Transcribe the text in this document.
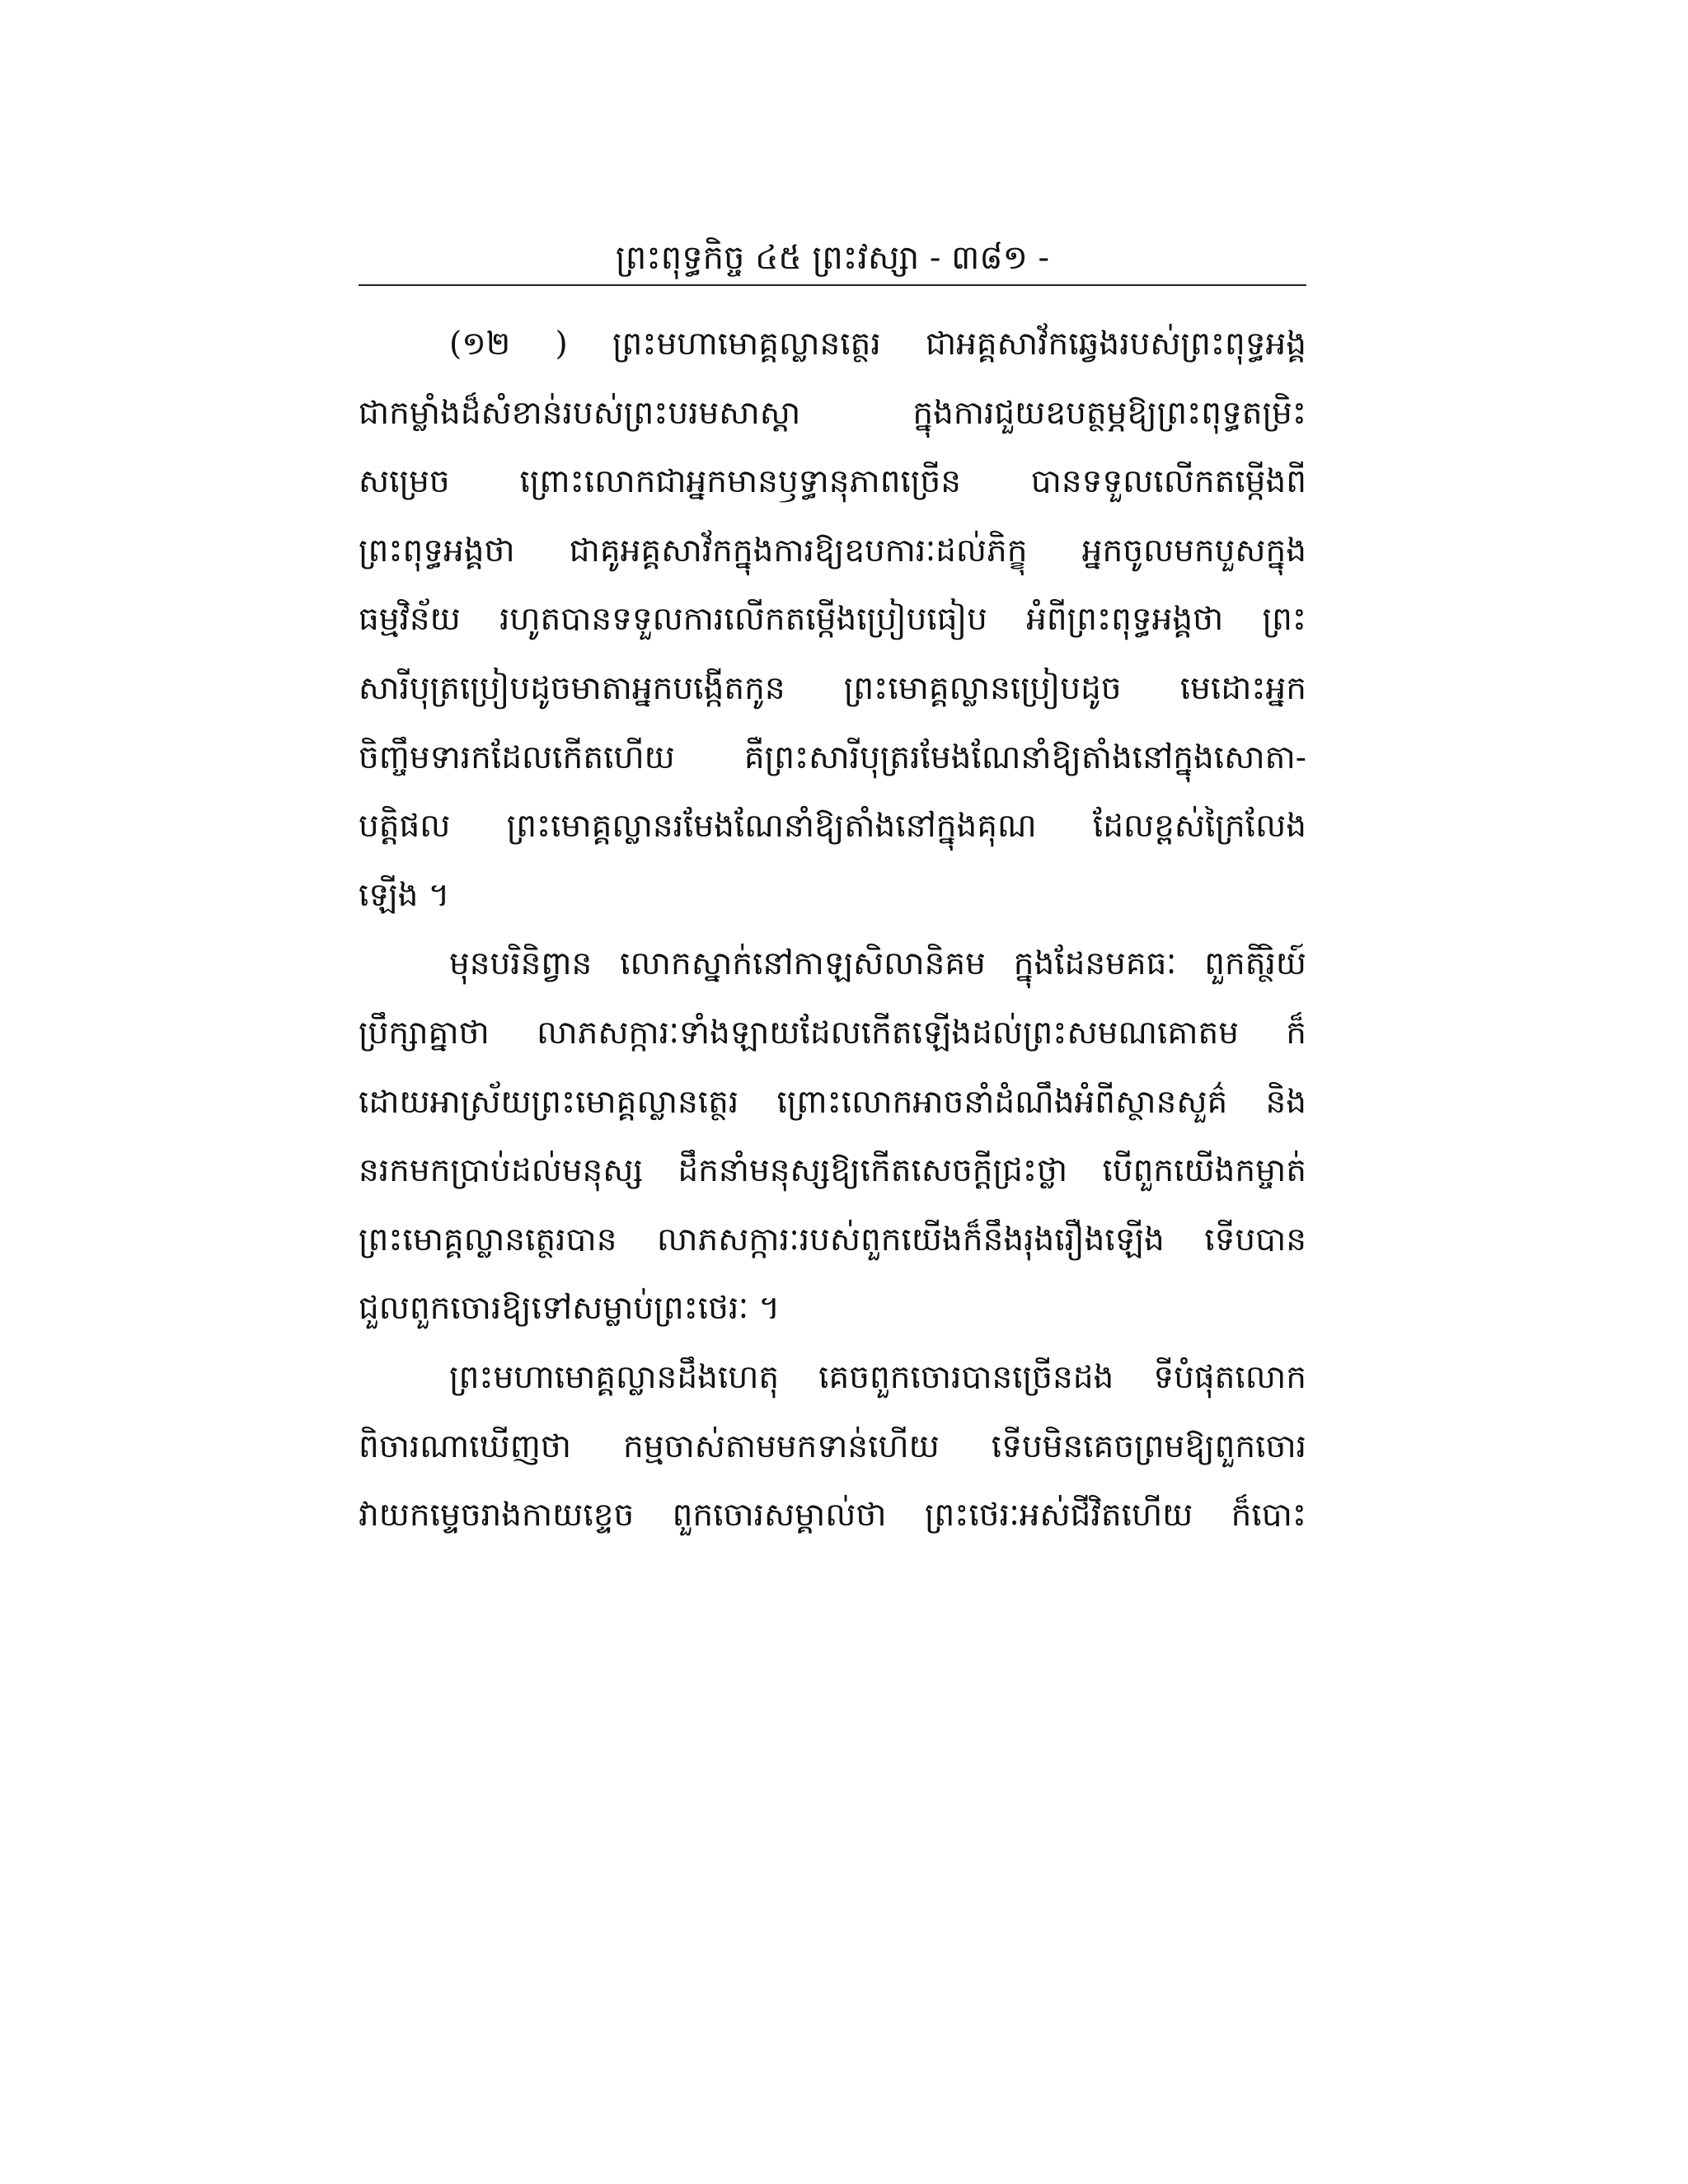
ព្រះពុទ្ធកិច្ច ៤៥ ព្រះវស្សា - ៣៨១ -
(១២ ) ព្រះមហាមោគ្គល្លានត្ថេរ ជាអគ្គសាវ័កឆ្វេងរបស់ព្រះពុទ្ធអង្គ
ជាកម្លាំងដ៏សំខាន់របស់ព្រះបរមសាស្តា ក្នុងការជួយឧបត្ថម្ភឱ្យព្រះពុទ្ធតម្រិះ
សម្រេច ព្រោះលោកជាអ្នកមានឫទ្ធានុភាពច្រើន បានទទួលលើកតម្កើងពី
ព្រះពុទ្ធអង្គថា ជាគូអគ្គសាវ័កក្នុងការឱ្យឧបការៈដល់ភិក្ខុ អ្នកចូលមកបួសក្នុង
ធម្មវិន័យ រហូតបានទទួលការលើកតម្កើងប្រៀបធៀប អំពីព្រះពុទ្ធអង្គថា ព្រះ
សារីបុត្រប្រៀបដូចមាតាអ្នកបង្កើតកូន ព្រះមោគ្គល្លានប្រៀបដូច មេដោះអ្នក
ចិញ្ចឹមទារកដែលកើតហើយ គឺព្រះសារីបុត្ររមែងណែនាំឱ្យតាំងនៅក្នុងសោតា-
បត្តិផល ព្រះមោគ្គល្លានរមែងណែនាំឱ្យតាំងនៅក្នុងគុណ ដែលខ្ពស់ក្រៃលែង
ឡើង ។
មុនបរិនិព្វាន លោកស្នាក់នៅកាឡសិលានិគម ក្នុងដែនមគធៈ ពួកតិរ្ថិយ៍
ប្រឹក្សាគ្នាថា លាភសក្ការៈទាំងឡាយដែលកើតឡើងដល់ព្រះសមណគោតម ក៏
ដោយអាស្រ័យព្រះមោគ្គល្លានត្ថេរ ព្រោះលោកអាចនាំដំណឹងអំពីស្ថានសួគ៌ និង
នរកមកប្រាប់ដល់មនុស្ស ដឹកនាំមនុស្សឱ្យកើតសេចក្តីជ្រះថ្លា បើពួកយើងកម្ចាត់
ព្រះមោគ្គល្លានត្ថេរបាន លាភសក្ការៈរបស់ពួកយើងក៏នឹងរុងរឿងឡើង ទើបបាន
ជួលពួកចោរឱ្យទៅសម្លាប់ព្រះថេរៈ ។
ព្រះមហាមោគ្គល្លានដឹងហេតុ គេចពួកចោរបានច្រើនដង ទីបំផុតលោក
ពិចារណាឃើញថា កម្មចាស់តាមមកទាន់ហើយ ទើបមិនគេចព្រមឱ្យពួកចោរ
វាយកម្ទេចរាងកាយខ្ទេច ពួកចោរសម្គាល់ថា ព្រះថេរៈអស់ជីវិតហើយ ក៏បោះ
